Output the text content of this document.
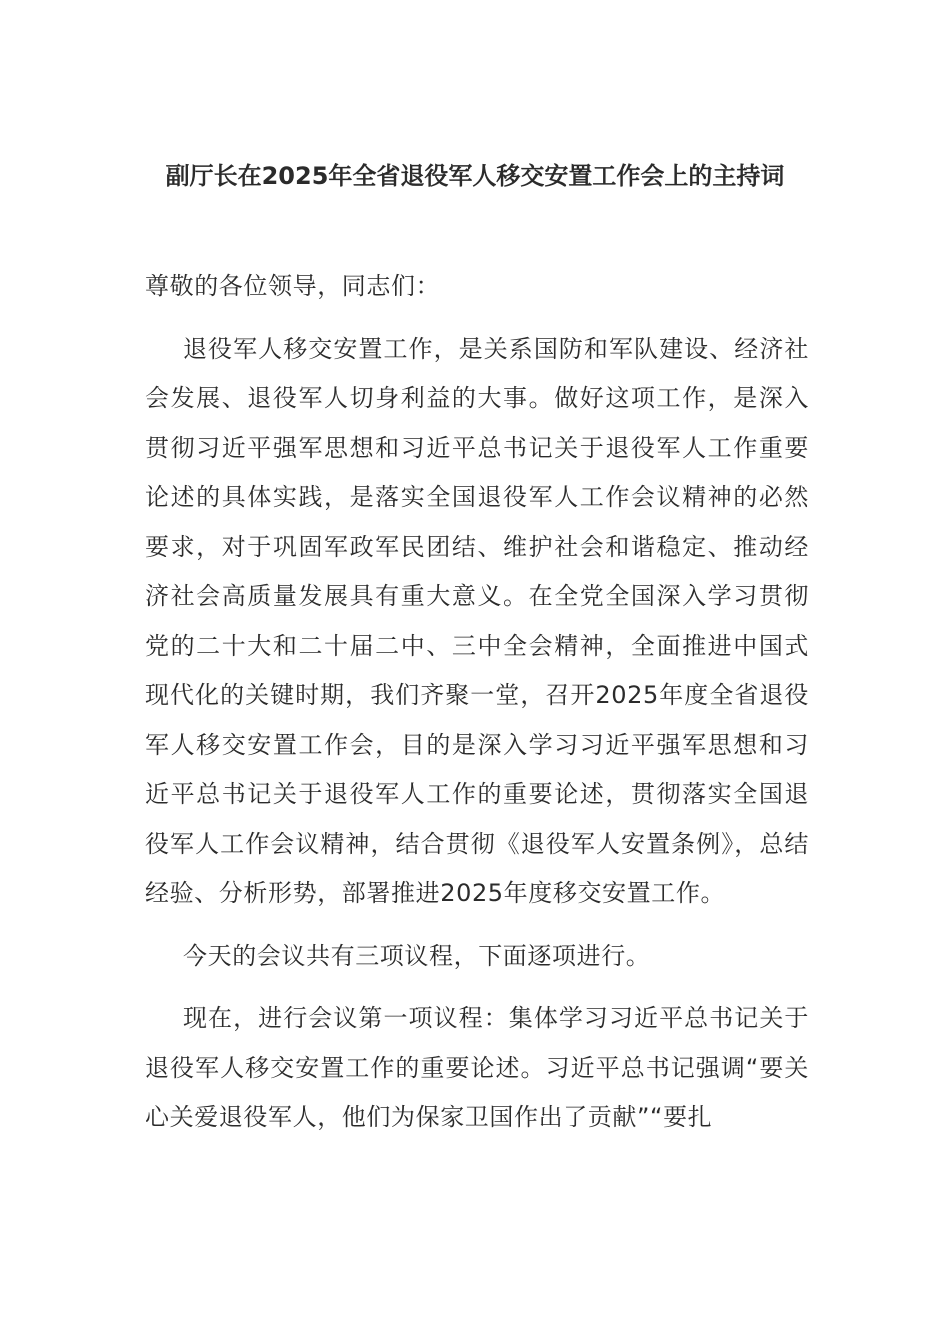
副厅长在2025年全省退役军人移交安置工作会上的主持词

尊敬的各位领导，同志们：

退役军人移交安置工作，是关系国防和军队建设、经济社会发展、退役军人切身利益的大事。做好这项工作，是深入贯彻习近平强军思想和习近平总书记关于退役军人工作重要论述的具体实践，是落实全国退役军人工作会议精神的必然要求，对于巩固军政军民团结、维护社会和谐稳定、推动经济社会高质量发展具有重大意义。在全党全国深入学习贯彻党的二十大和二十届二中、三中全会精神，全面推进中国式现代化的关键时期，我们齐聚一堂，召开2025年度全省退役军人移交安置工作会，目的是深入学习习近平强军思想和习近平总书记关于退役军人工作的重要论述，贯彻落实全国退役军人工作会议精神，结合贯彻《退役军人安置条例》，总结经验、分析形势，部署推进2025年度移交安置工作。

今天的会议共有三项议程，下面逐项进行。

现在，进行会议第一项议程：集体学习习近平总书记关于退役军人移交安置工作的重要论述。习近平总书记强调“要关心关爱退役军人，他们为保家卫国作出了贡献”“要扎
